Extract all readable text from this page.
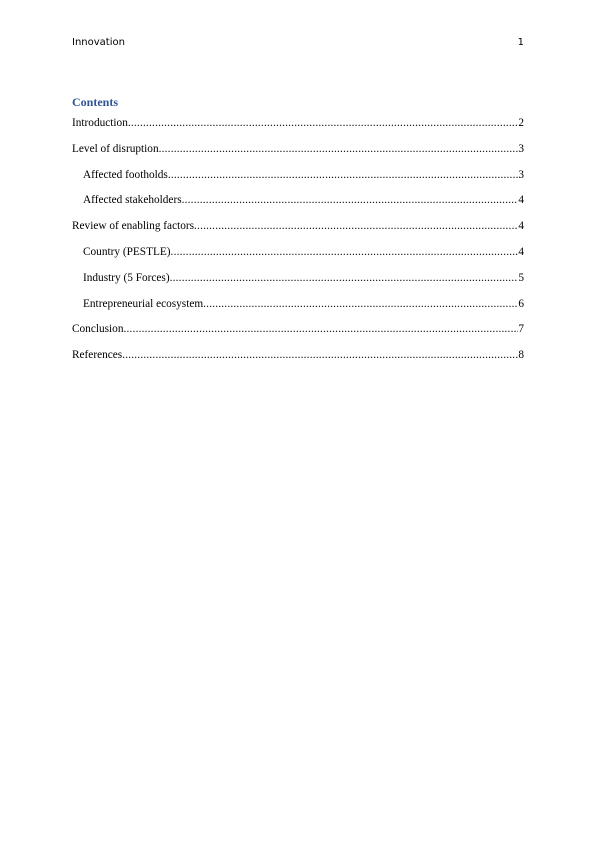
Innovation	1
Contents
Introduction .....	2
Level of disruption .....	3
Affected footholds .....	3
Affected stakeholders .....	4
Review of enabling factors .....	4
Country (PESTLE) .....	4
Industry (5 Forces) .....	5
Entrepreneurial ecosystem .....	6
Conclusion .....	7
References .....	8
